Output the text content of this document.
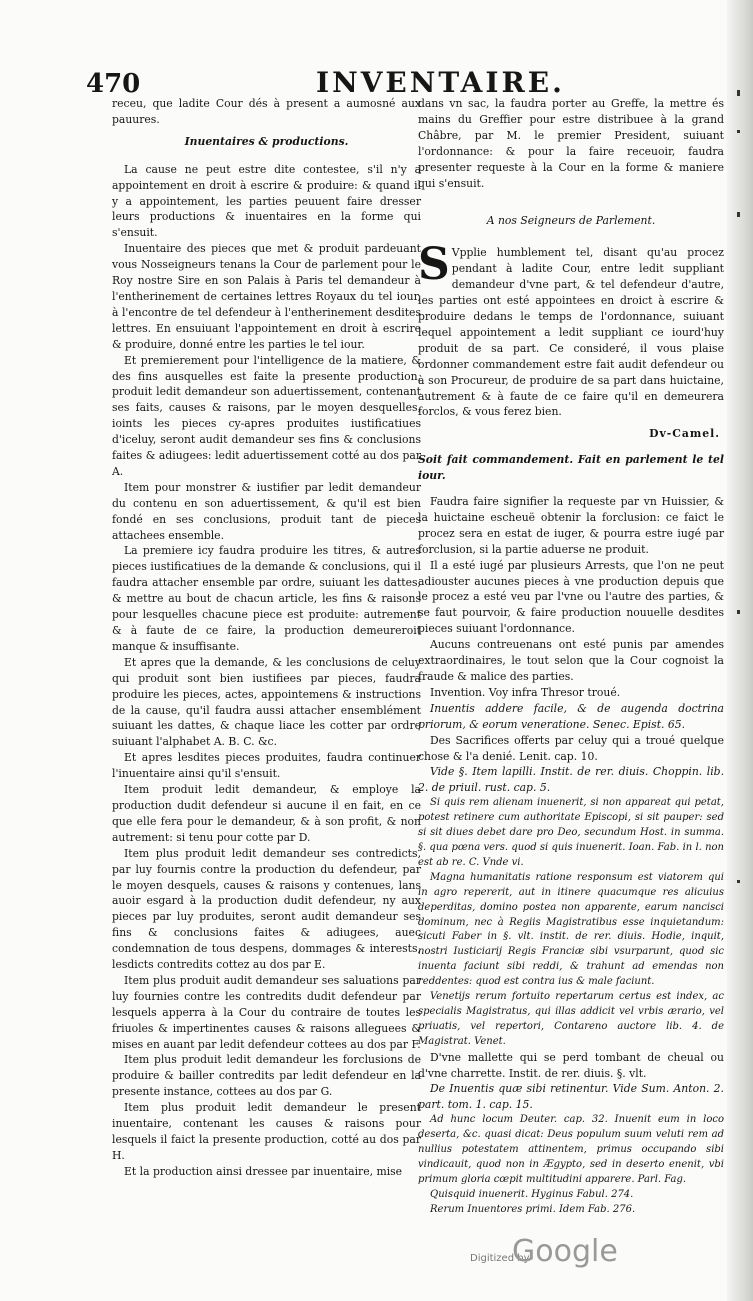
470	INVENTAIRE.

receu, que ladite Cour dés à present a aumosné aux pauures.

Inuentaires & productions.

La cause ne peut estre dite contestee, s'il n'y a appointement en droit à escrire & produire: & quand il y a appointement, les parties peuuent faire dresser leurs productions & inuentaires en la forme qui s'ensuit.

Inuentaire des pieces que met & produit pardeuant vous Nosseigneurs tenans la Cour de parlement pour le Roy nostre Sire en son Palais à Paris tel demandeur à l'entherinement de certaines lettres Royaux du tel iour, à l'encontre de tel defendeur à l'entherinement desdites lettres. En ensuiuant l'appointement en droit à escrire & produire, donné entre les parties le tel iour.

Et premierement pour l'intelligence de la matiere, & des fins ausquelles est faite la presente production, produit ledit demandeur son aduertissement, contenant ses faits, causes & raisons, par le moyen desquelles, ioints les pieces cy-apres produites iustificatiues d'iceluy, seront audit demandeur ses fins & conclusions faites & adiugees: ledit aduertissement cotté au dos par A.

Item pour monstrer & iustifier par ledit demandeur du contenu en son aduertissement, & qu'il est bien fondé en ses conclusions, produit tant de pieces attachees ensemble.

La premiere icy faudra produire les titres, & autres pieces iustificatiues de la demande & conclusions, qui il faudra attacher ensemble par ordre, suiuant les dattes, & mettre au bout de chacun article, les fins & raisons pour lesquelles chacune piece est produite: autrement & à faute de ce faire, la production demeureroit manque & insuffisante.

Et apres que la demande, & les conclusions de celuy qui produit sont bien iustifiees par pieces, faudra produire les pieces, actes, appointemens & instructions de la cause, qu'il faudra aussi attacher ensemblément suiuant les dattes, & chaque liace les cotter par ordre suiuant l'alphabet A. B. C. &c.

Et apres lesdites pieces produites, faudra continuer l'inuentaire ainsi qu'il s'ensuit.

Item produit ledit demandeur, & employe la production dudit defendeur si aucune il en fait, en ce que elle fera pour le demandeur, & à son profit, & non autrement: si tenu pour cotte par D.

Item plus produit ledit demandeur ses contredicts, par luy fournis contre la production du defendeur, par le moyen desquels, causes & raisons y contenues, lans auoir esgard à la production dudit defendeur, ny aux pieces par luy produites, seront audit demandeur ses fins & conclusions faites & adiugees, auec condemnation de tous despens, dommages & interests, lesdicts contredits cottez au dos par E.

Item plus produit audit demandeur ses saluations par luy fournies contre les contredits dudit defendeur par lesquels apperra à la Cour du contraire de toutes les friuoles & impertinentes causes & raisons alleguees & mises en auant par ledit defendeur cottees au dos par F.

Item plus produit ledit demandeur les forclusions de produire & bailler contredits par ledit defendeur en la presente instance, cottees au dos par G.

Item plus produit ledit demandeur le present inuentaire, contenant les causes & raisons pour lesquels il faict la presente production, cotté au dos par H.

Et la production ainsi dressee par inuentaire, mise

dans vn sac, la faudra porter au Greffe, la mettre és mains du Greffier pour estre distribuee à la grand Châbre, par M. le premier President, suiuant l'ordonnance: & pour la faire receuoir, faudra presenter requeste à la Cour en la forme & maniere qui s'ensuit.

A nos Seigneurs de Parlement.

S Vpplie humblement tel, disant qu'au procez pendant à ladite Cour, entre ledit suppliant demandeur d'vne part, & tel defendeur d'autre, les parties ont esté appointees en droict à escrire & produire dedans le temps de l'ordonnance, suiuant lequel appointement a ledit suppliant ce iourd'huy produit de sa part. Ce consideré, il vous plaise ordonner commandement estre fait audit defendeur ou à son Procureur, de produire de sa part dans huictaine, autrement & à faute de ce faire qu'il en demeurera forclos, & vous ferez bien.

Dv-Camel.

Soit fait commandement. Fait en parlement le tel iour.

Faudra faire signifier la requeste par vn Huissier, & la huictaine escheuë obtenir la forclusion: ce faict le procez sera en estat de iuger, & pourra estre iugé par forclusion, si la partie aduerse ne produit.

Il a esté iugé par plusieurs Arrests, que l'on ne peut adiouster aucunes pieces à vne production depuis que le procez a esté veu par l'vne ou l'autre des parties, & se faut pourvoir, & faire production nouuelle desdites pieces suiuant l'ordonnance.

Aucuns contreuenans ont esté punis par amendes extraordinaires, le tout selon que la Cour cognoist la fraude & malice des parties.

Invention. Voy infra Thresor troué.

Inuentis addere facile, & de augenda doctrina priorum, & eorum veneratione. Senec. Epist. 65.

Des Sacrifices offerts par celuy qui a troué quelque chose & l'a denié. Lenit. cap. 10.

Vide §. Item lapilli. Instit. de rer. diuis. Choppin. lib. 2. de priuil. rust. cap. 5.

Si quis rem alienam inuenerit, si non appareat qui petat, potest retinere cum authoritate Episcopi, si sit pauper: sed si sit diues debet dare pro Deo, secundum Host. in summa. §. qua pœna vers. quod si quis inuenerit. Ioan. Fab. in l. non est ab re. C. Vnde vi.

Magna humanitatis ratione responsum est viatorem qui in agro repererit, aut in itinere quacumque res alicuius deperditas, domino postea non apparente, earum nancisci dominum, nec à Regiis Magistratibus esse inquietandum: sicuti Faber in §. vlt. instit. de rer. diuis. Hodie, inquit, nostri Iusticiarij Regis Franciæ sibi vsurparunt, quod sic inuenta faciunt sibi reddi, & trahunt ad emendas non reddentes: quod est contra ius & male faciunt.

Venetijs rerum fortuito repertarum certus est index, ac specialis Magistratus, qui illas addicit vel vrbis ærario, vel priuatis, vel repertori, Contareno auctore lib. 4. de Magistrat. Venet.

D'vne mallette qui se perd tombant de cheual ou d'vne charrette. Instit. de rer. diuis. §. vlt.

De Inuentis quæ sibi retinentur. Vide Sum. Anton. 2. part. tom. 1. cap. 15.

Ad hunc locum Deuter. cap. 32. Inuenit eum in loco deserta, &c. quasi dicat: Deus populum suum veluti rem ad nullius potestatem attinentem, primus occupando sibi vindicauit, quod non in Ægypto, sed in deserto enenit, vbi primum gloria cœpit multitudini apparere. Parl. Fag.

Quisquid inuenerit. Hyginus Fabul. 274.

Rerum Inuentores primi. Idem Fab. 276.

Digitized by
Google
